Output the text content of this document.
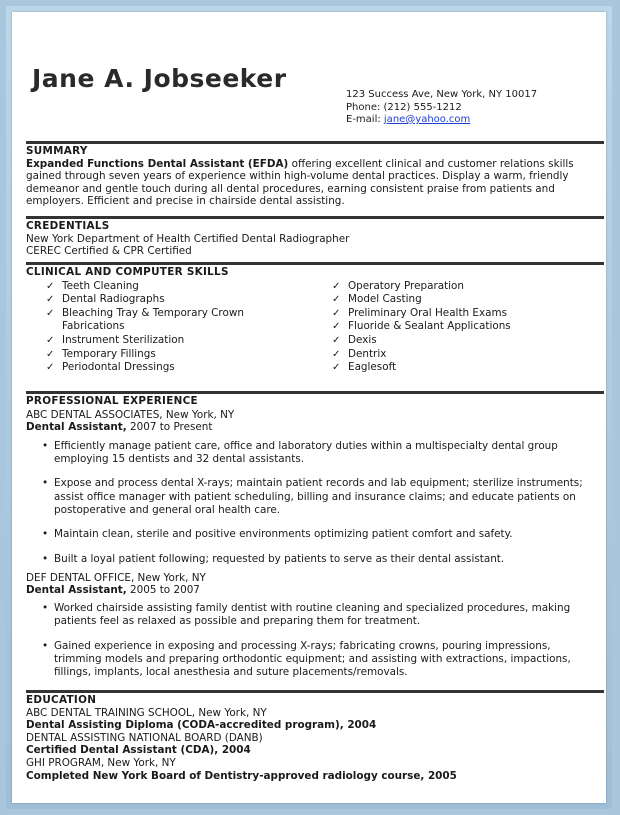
Jane A. Jobseeker
123 Success Ave, New York, NY 10017
Phone: (212) 555-1212
E-mail: jane@yahoo.com
SUMMARY
Expanded Functions Dental Assistant (EFDA) offering excellent clinical and customer relations skills gained through seven years of experience within high-volume dental practices. Display a warm, friendly demeanor and gentle touch during all dental procedures, earning consistent praise from patients and employers. Efficient and precise in chairside dental assisting.
CREDENTIALS
New York Department of Health Certified Dental Radiographer
CEREC Certified & CPR Certified
CLINICAL AND COMPUTER SKILLS
✓ Teeth Cleaning
✓ Dental Radiographs
✓ Bleaching Tray & Temporary Crown Fabrications
✓ Instrument Sterilization
✓ Temporary Fillings
✓ Periodontal Dressings
✓ Operatory Preparation
✓ Model Casting
✓ Preliminary Oral Health Exams
✓ Fluoride & Sealant Applications
✓ Dexis
✓ Dentrix
✓ Eaglesoft
PROFESSIONAL EXPERIENCE
ABC DENTAL ASSOCIATES, New York, NY
Dental Assistant, 2007 to Present
• Efficiently manage patient care, office and laboratory duties within a multispecialty dental group employing 15 dentists and 32 dental assistants.
• Expose and process dental X-rays; maintain patient records and lab equipment; sterilize instruments; assist office manager with patient scheduling, billing and insurance claims; and educate patients on postoperative and general oral health care.
• Maintain clean, sterile and positive environments optimizing patient comfort and safety.
• Built a loyal patient following; requested by patients to serve as their dental assistant.
DEF DENTAL OFFICE, New York, NY
Dental Assistant, 2005 to 2007
• Worked chairside assisting family dentist with routine cleaning and specialized procedures, making patients feel as relaxed as possible and preparing them for treatment.
• Gained experience in exposing and processing X-rays; fabricating crowns, pouring impressions, trimming models and preparing orthodontic equipment; and assisting with extractions, impactions, fillings, implants, local anesthesia and suture placements/removals.
EDUCATION
ABC DENTAL TRAINING SCHOOL, New York, NY
Dental Assisting Diploma (CODA-accredited program), 2004
DENTAL ASSISTING NATIONAL BOARD (DANB)
Certified Dental Assistant (CDA), 2004
GHI PROGRAM, New York, NY
Completed New York Board of Dentistry-approved radiology course, 2005
